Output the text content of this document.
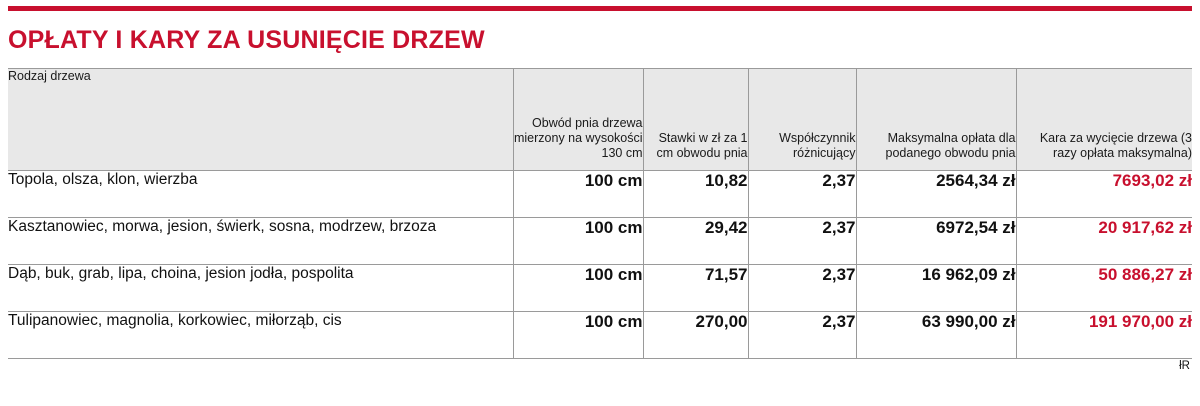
OPŁATY I KARY ZA USUNIĘCIE DRZEW
Rodzaj drzewa	Obwód pnia drzewa mierzony na wysokości 130 cm	Stawki w zł za 1 cm obwodu pnia	Współczynnik różnicujący	Maksymalna opłata dla podanego obwodu pnia	Kara za wycięcie drzewa (3 razy opłata maksymalna)
Topola, olsza, klon, wierzba	100 cm	10,82	2,37	2564,34 zł	7693,02 zł
Kasztanowiec, morwa, jesion, świerk, sosna, modrzew, brzoza	100 cm	29,42	2,37	6972,54 zł	20 917,62 zł
Dąb, buk, grab, lipa, choina, jesion jodła, pospolita	100 cm	71,57	2,37	16 962,09 zł	50 886,27 zł
Tulipanowiec, magnolia, korkowiec, miłorząb, cis	100 cm	270,00	2,37	63 990,00 zł	191 970,00 zł
łR
